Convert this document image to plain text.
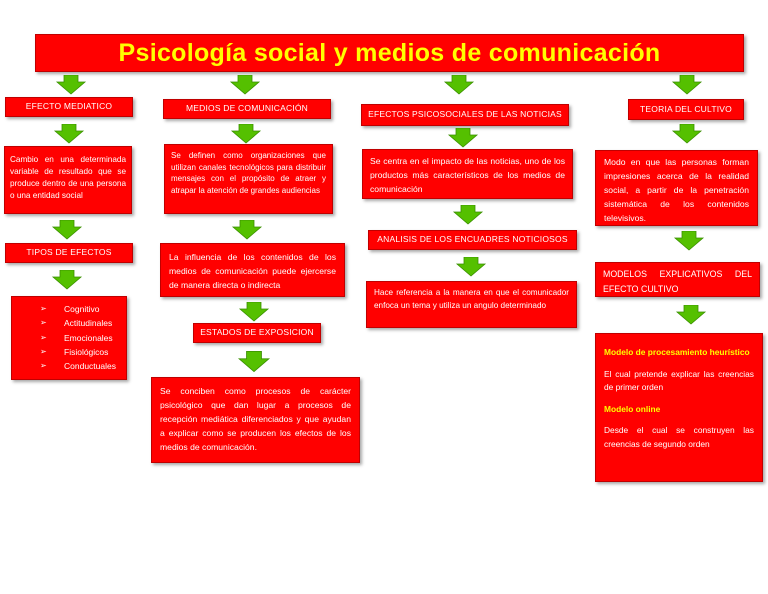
Psicología social y medios de comunicación
EFECTO MEDIATICO
Cambio en una determinada variable de resultado que se produce dentro de una persona o una entidad social
TIPOS DE EFECTOS
➢ Cognitivo
➢ Actitudinales
➢ Emocionales
➢ Fisiológicos
➢ Conductuales
MEDIOS DE COMUNICACIÓN
Se definen como organizaciones que utilizan canales tecnológicos para distribuir mensajes con el propósito de atraer y atrapar la atención de grandes audiencias
La influencia de los contenidos de los medios de comunicación puede ejercerse de manera directa o indirecta
ESTADOS DE EXPOSICION
Se conciben como procesos de carácter psicológico que dan lugar a procesos de recepción mediática diferenciados y que ayudan a explicar como se producen los efectos de los medios de comunicación.
EFECTOS PSICOSOCIALES DE LAS NOTICIAS
Se centra en el impacto de las noticias, uno de los productos más característicos de los medios de comunicación
ANALISIS DE LOS ENCUADRES NOTICIOSOS
Hace referencia a la manera en que el comunicador enfoca un tema y utiliza un angulo determinado
TEORIA DEL CULTIVO
Modo en que las personas forman impresiones acerca de la realidad social, a partir de la penetración sistemática de los contenidos televisivos.
MODELOS EXPLICATIVOS DEL EFECTO CULTIVO

Modelo de procesamiento heurístico

El cual pretende explicar las creencias de primer orden

Modelo online

Desde el cual se construyen las creencias de segundo orden
